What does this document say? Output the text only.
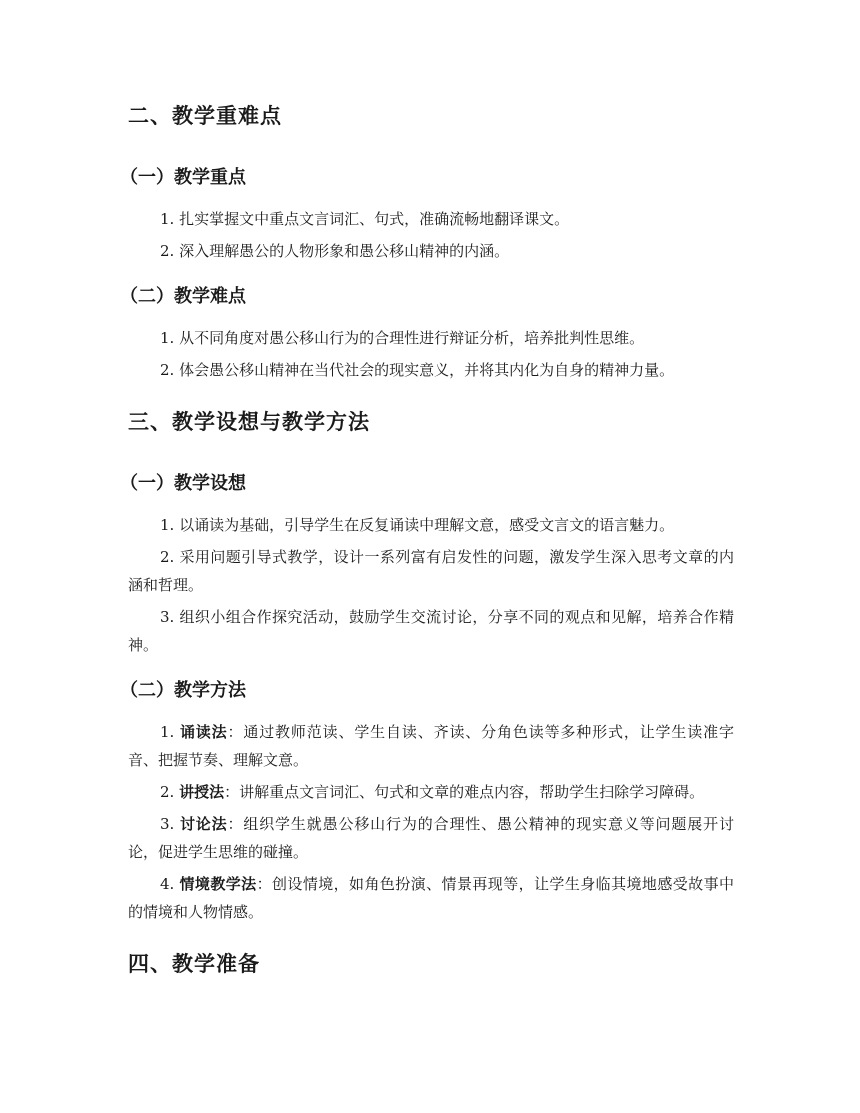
二、教学重难点
（一）教学重点

1. 扎实掌握文中重点文言词汇、句式，准确流畅地翻译课文。

2. 深入理解愚公的人物形象和愚公移山精神的内涵。

（二）教学难点

1. 从不同角度对愚公移山行为的合理性进行辩证分析，培养批判性思维。

2. 体会愚公移山精神在当代社会的现实意义，并将其内化为自身的精神力量。

三、教学设想与教学方法
（一）教学设想

1. 以诵读为基础，引导学生在反复诵读中理解文意，感受文言文的语言魅力。

2. 采用问题引导式教学，设计一系列富有启发性的问题，激发学生深入思考文章的内涵和哲理。

3. 组织小组合作探究活动，鼓励学生交流讨论，分享不同的观点和见解，培养合作精神。

（二）教学方法

1. 诵读法：通过教师范读、学生自读、齐读、分角色读等多种形式，让学生读准字音、把握节奏、理解文意。

2. 讲授法：讲解重点文言词汇、句式和文章的难点内容，帮助学生扫除学习障碍。

3. 讨论法：组织学生就愚公移山行为的合理性、愚公精神的现实意义等问题展开讨论，促进学生思维的碰撞。

4. 情境教学法：创设情境，如角色扮演、情景再现等，让学生身临其境地感受故事中的情境和人物情感。

四、教学准备
